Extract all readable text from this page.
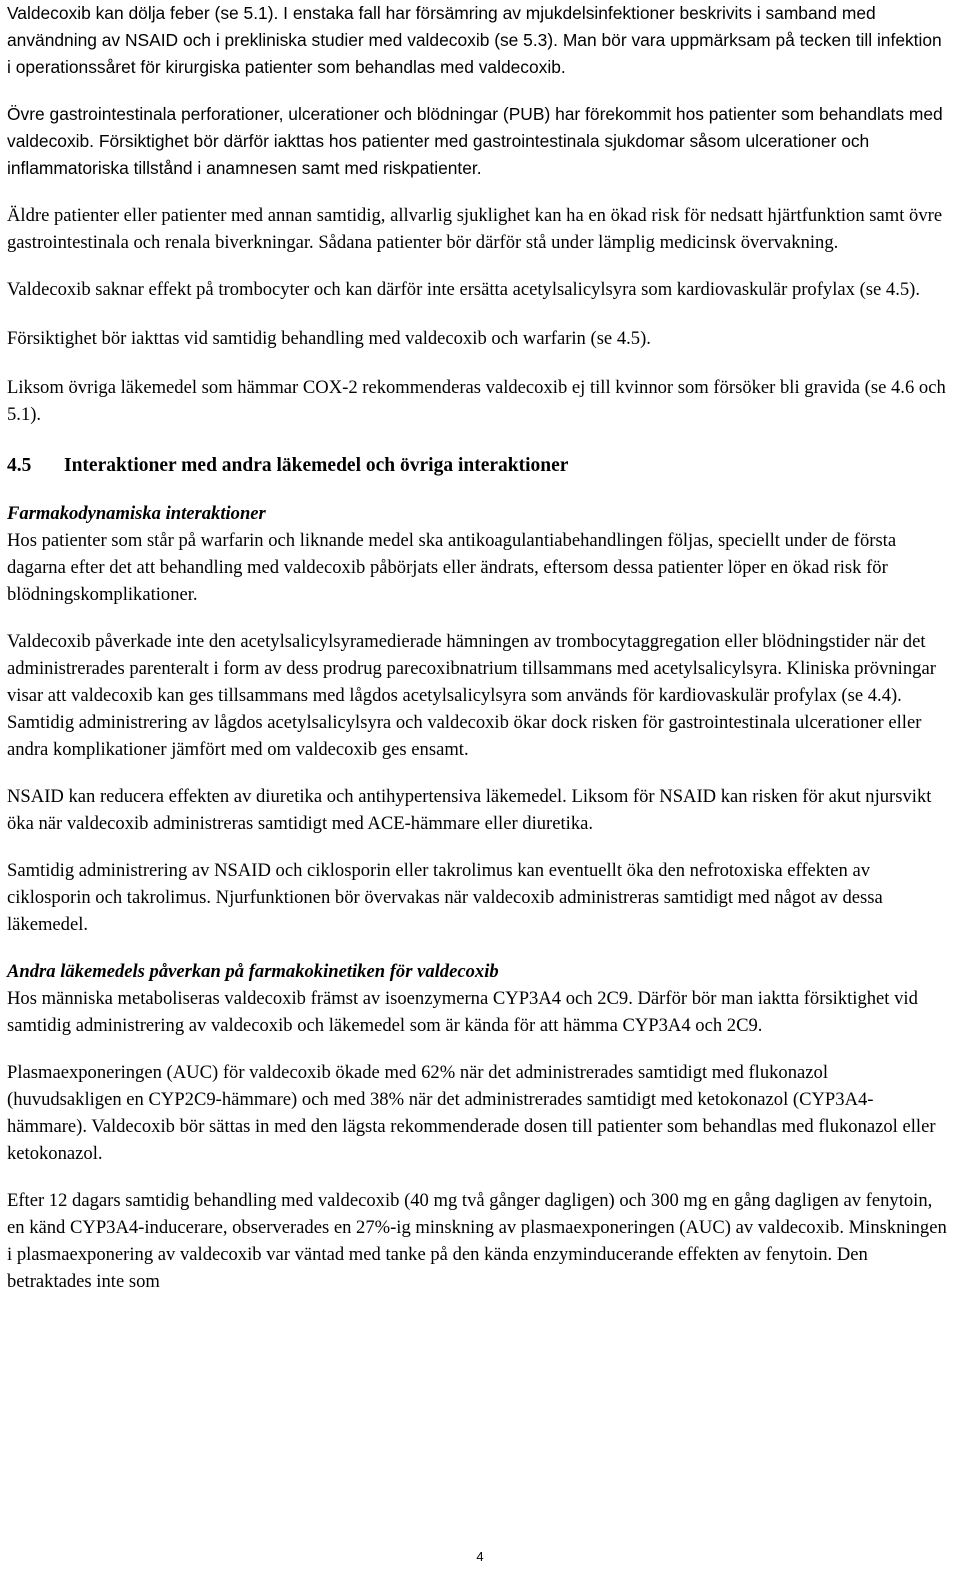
Valdecoxib kan dölja feber (se 5.1). I enstaka fall har försämring av mjukdelsinfektioner beskrivits i samband med användning av NSAID och i prekliniska studier med valdecoxib (se 5.3). Man bör vara uppmärksam på tecken till infektion i operationssåret för kirurgiska patienter som behandlas med valdecoxib.

Övre gastrointestinala perforationer, ulcerationer och blödningar (PUB) har förekommit hos patienter som behandlats med valdecoxib. Försiktighet bör därför iakttas hos patienter med gastrointestinala sjukdomar såsom ulcerationer och inflammatoriska tillstånd i anamnesen samt med riskpatienter.

Äldre patienter eller patienter med annan samtidig, allvarlig sjuklighet kan ha en ökad risk för nedsatt hjärtfunktion samt övre gastrointestinala och renala biverkningar. Sådana patienter bör därför stå under lämplig medicinsk övervakning.

Valdecoxib saknar effekt på trombocyter och kan därför inte ersätta acetylsalicylsyra som kardiovaskulär profylax (se 4.5).

Försiktighet bör iakttas vid samtidig behandling med valdecoxib och warfarin (se 4.5).

Liksom övriga läkemedel som hämmar COX-2 rekommenderas valdecoxib ej till kvinnor som försöker bli gravida (se 4.6 och 5.1).

4.5	Interaktioner med andra läkemedel och övriga interaktioner
Farmakodynamiska interaktioner

Hos patienter som står på warfarin och liknande medel ska antikoagulantiabehandlingen följas, speciellt under de första dagarna efter det att behandling med valdecoxib påbörjats eller ändrats, eftersom dessa patienter löper en ökad risk för blödningskomplikationer.

Valdecoxib påverkade inte den acetylsalicylsyramedierade hämningen av trombocytaggregation eller blödningstider när det administrerades parenteralt i form av dess prodrug parecoxibnatrium tillsammans med acetylsalicylsyra. Kliniska prövningar visar att valdecoxib kan ges tillsammans med lågdos acetylsalicylsyra som används för kardiovaskulär profylax (se 4.4). Samtidig administrering av lågdos acetylsalicylsyra och valdecoxib ökar dock risken för gastrointestinala ulcerationer eller andra komplikationer jämfört med om valdecoxib ges ensamt.

NSAID kan reducera effekten av diuretika och antihypertensiva läkemedel. Liksom för NSAID kan risken för akut njursvikt öka när valdecoxib administreras samtidigt med ACE-hämmare eller diuretika.

Samtidig administrering av NSAID och ciklosporin eller takrolimus kan eventuellt öka den nefrotoxiska effekten av ciklosporin och takrolimus. Njurfunktionen bör övervakas när valdecoxib administreras samtidigt med något av dessa läkemedel.

Andra läkemedels påverkan på farmakokinetiken för valdecoxib

Hos människa metaboliseras valdecoxib främst av isoenzymerna CYP3A4 och 2C9. Därför bör man iaktta försiktighet vid samtidig administrering av valdecoxib och läkemedel som är kända för att hämma CYP3A4 och 2C9.

Plasmaexponeringen (AUC) för valdecoxib ökade med 62% när det administrerades samtidigt med flukonazol (huvudsakligen en CYP2C9-hämmare) och med 38% när det administrerades samtidigt med ketokonazol (CYP3A4-hämmare). Valdecoxib bör sättas in med den lägsta rekommenderade dosen till patienter som behandlas med flukonazol eller ketokonazol.

Efter 12 dagars samtidig behandling med valdecoxib (40 mg två gånger dagligen) och 300 mg en gång dagligen av fenytoin, en känd CYP3A4-inducerare, observerades en 27%-ig minskning av plasmaexponeringen (AUC) av valdecoxib. Minskningen i plasmaexponering av valdecoxib var väntad med tanke på den kända enzyminducerande effekten av fenytoin. Den betraktades inte som

4
